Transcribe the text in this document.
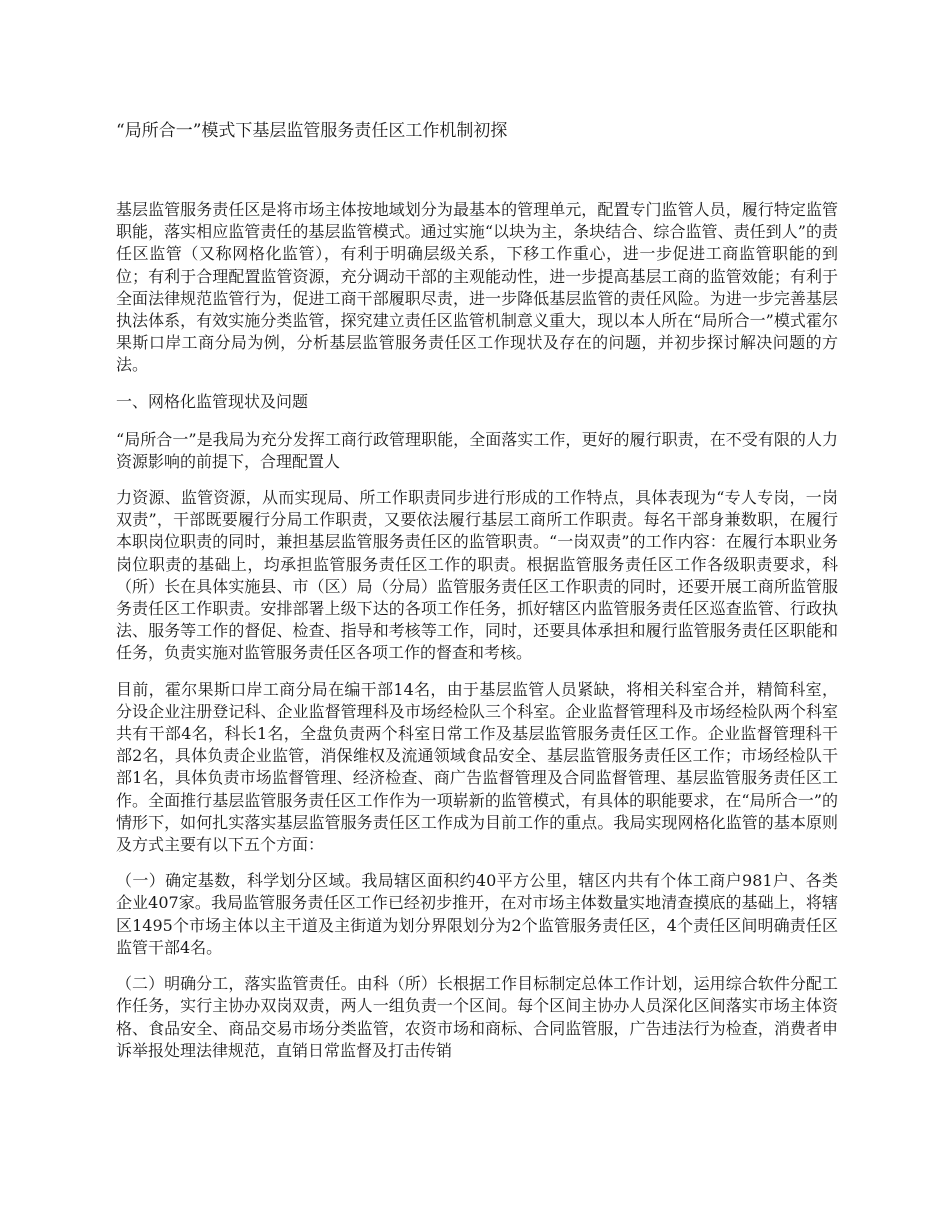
“局所合一”模式下基层监管服务责任区工作机制初探

基层监管服务责任区是将市场主体按地域划分为最基本的管理单元，配置专门监管人员，履行特定监管职能，落实相应监管责任的基层监管模式。通过实施“以块为主，条块结合、综合监管、责任到人”的责任区监管（又称网格化监管），有利于明确层级关系，下移工作重心，进一步促进工商监管职能的到位；有利于合理配置监管资源，充分调动干部的主观能动性，进一步提高基层工商的监管效能；有利于全面法律规范监管行为，促进工商干部履职尽责，进一步降低基层监管的责任风险。为进一步完善基层执法体系，有效实施分类监管，探究建立责任区监管机制意义重大，现以本人所在“局所合一”模式霍尔果斯口岸工商分局为例，分析基层监管服务责任区工作现状及存在的问题，并初步探讨解决问题的方法。

一、网格化监管现状及问题

“局所合一”是我局为充分发挥工商行政管理职能，全面落实工作，更好的履行职责，在不受有限的人力资源影响的前提下，合理配置人

力资源、监管资源，从而实现局、所工作职责同步进行形成的工作特点，具体表现为“专人专岗，一岗双责”，干部既要履行分局工作职责，又要依法履行基层工商所工作职责。每名干部身兼数职，在履行本职岗位职责的同时，兼担基层监管服务责任区的监管职责。“一岗双责”的工作内容：在履行本职业务岗位职责的基础上，均承担监管服务责任区工作的职责。根据监管服务责任区工作各级职责要求，科（所）长在具体实施县、市（区）局（分局）监管服务责任区工作职责的同时，还要开展工商所监管服务责任区工作职责。安排部署上级下达的各项工作任务，抓好辖区内监管服务责任区巡查监管、行政执法、服务等工作的督促、检查、指导和考核等工作，同时，还要具体承担和履行监管服务责任区职能和任务，负责实施对监管服务责任区各项工作的督查和考核。

目前，霍尔果斯口岸工商分局在编干部14名，由于基层监管人员紧缺，将相关科室合并，精简科室，分设企业注册登记科、企业监督管理科及市场经检队三个科室。企业监督管理科及市场经检队两个科室共有干部4名，科长1名，全盘负责两个科室日常工作及基层监管服务责任区工作。企业监督管理科干部2名，具体负责企业监管，消保维权及流通领域食品安全、基层监管服务责任区工作；市场经检队干部1名，具体负责市场监督管理、经济检查、商广告监督管理及合同监督管理、基层监管服务责任区工作。全面推行基层监管服务责任区工作作为一项崭新的监管模式，有具体的职能要求，在“局所合一”的情形下，如何扎实落实基层监管服务责任区工作成为目前工作的重点。我局实现网格化监管的基本原则及方式主要有以下五个方面：

（一）确定基数，科学划分区域。我局辖区面积约40平方公里，辖区内共有个体工商户981户、各类企业407家。我局监管服务责任区工作已经初步推开，在对市场主体数量实地清查摸底的基础上，将辖区1495个市场主体以主干道及主街道为划分界限划分为2个监管服务责任区，4个责任区间明确责任区监管干部4名。

（二）明确分工，落实监管责任。由科（所）长根据工作目标制定总体工作计划，运用综合软件分配工作任务，实行主协办双岗双责，两人一组负责一个区间。每个区间主协办人员深化区间落实市场主体资格、食品安全、商品交易市场分类监管，农资市场和商标、合同监管服，广告违法行为检查，消费者申诉举报处理法律规范，直销日常监督及打击传销
